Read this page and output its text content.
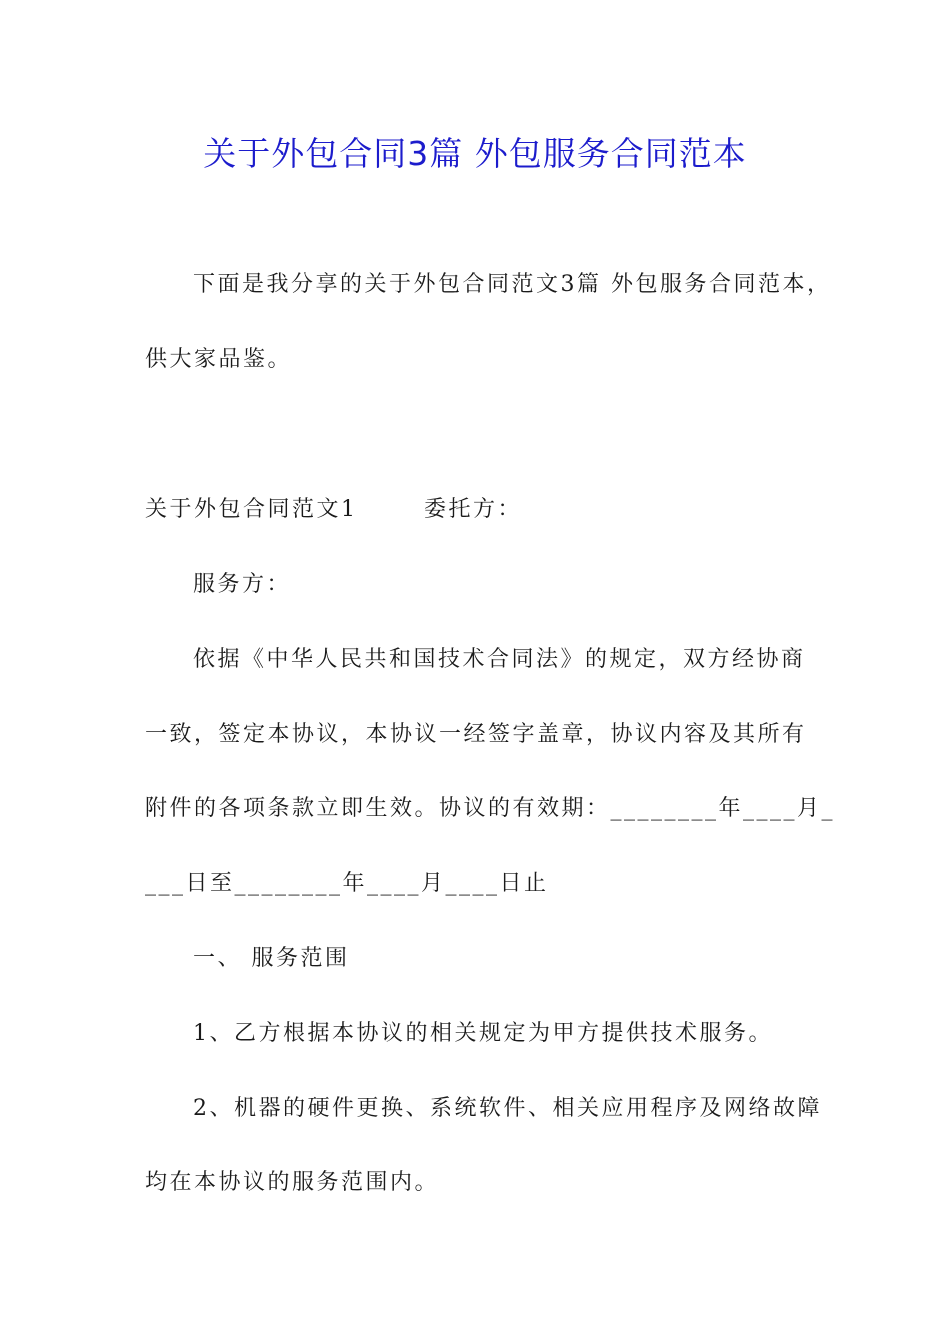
关于外包合同3篇 外包服务合同范本
下面是我分享的关于外包合同范文3篇 外包服务合同范本，
供大家品鉴。
关于外包合同范文1       委托方：
服务方：
依据《中华人民共和国技术合同法》的规定，双方经协商
一致，签定本协议，本协议一经签字盖章，协议内容及其所有
附件的各项条款立即生效。协议的有效期：________年____月_
___日至________年____月____日止
一、 服务范围
1、乙方根据本协议的相关规定为甲方提供技术服务。
2、机器的硬件更换、系统软件、相关应用程序及网络故障
均在本协议的服务范围内。
